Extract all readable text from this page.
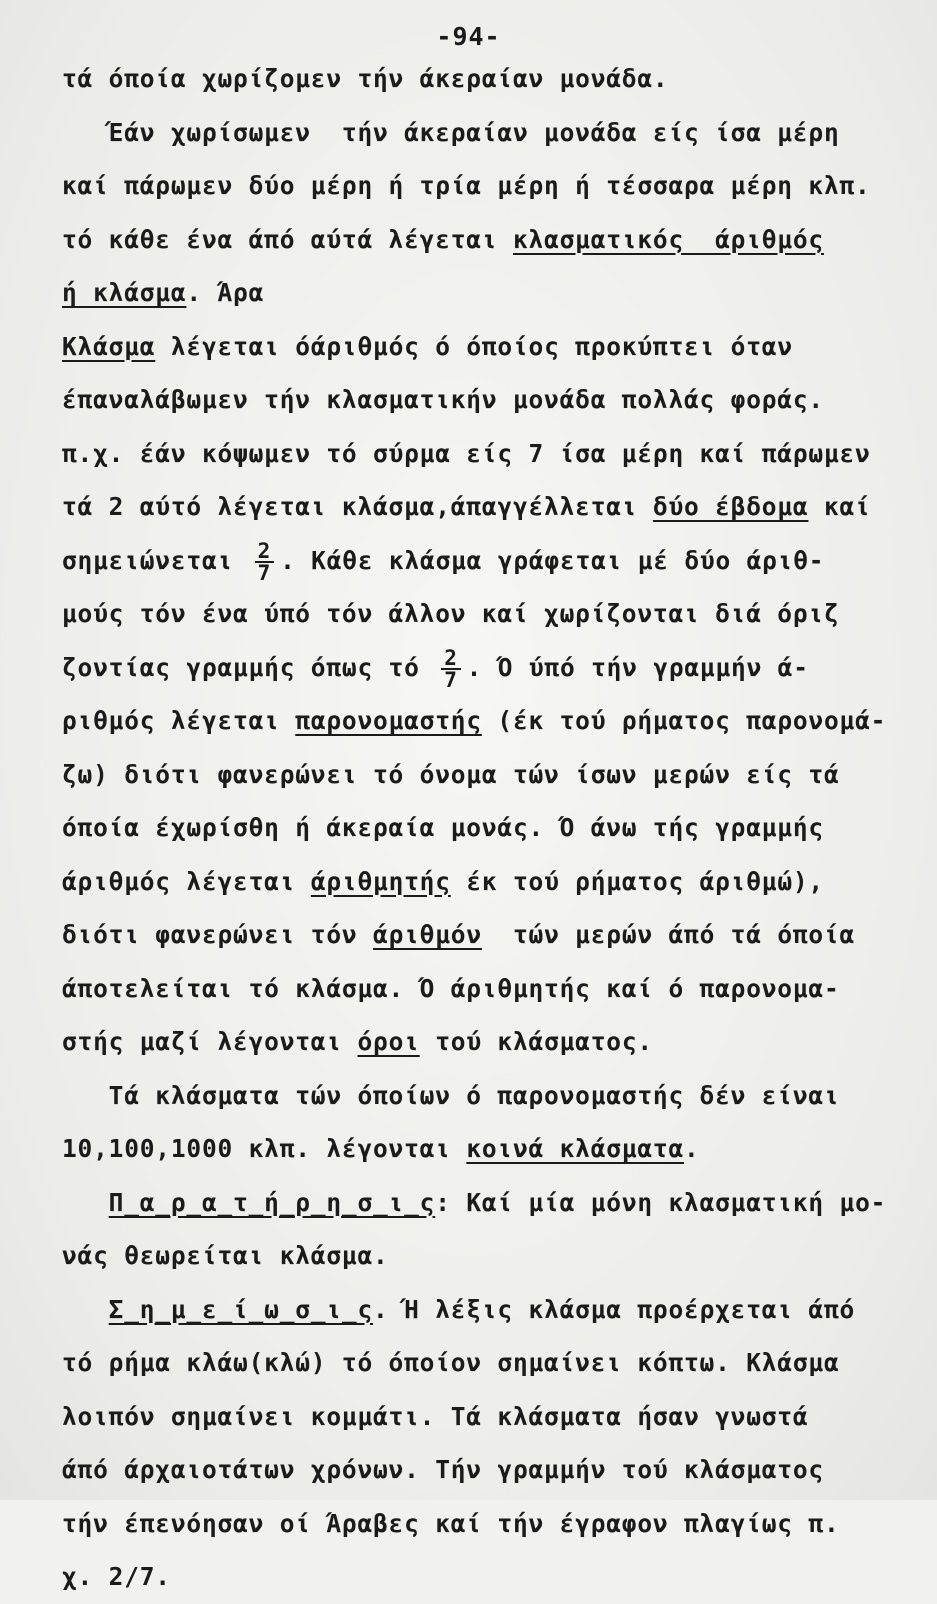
-94-
τά όποία χωρίζομεν τήν άκεραίαν μονάδα.
Έάν χωρίσωμεν  τήν άκεραίαν μονάδα είς ίσα μέρη
καί πάρωμεν δύο μέρη ή τρία μέρη ή τέσσαρα μέρη κλπ.
τό κάθε ένα άπό αύτά λέγεται κλασματικός  άριθμός
ή κλάσμα. Άρα
Κλάσμα λέγεται όάριθμός ό όποίος προκύπτει όταν
έπαναλάβωμεν τήν κλασματικήν μονάδα πολλάς φοράς.
π.χ. έάν κόψωμεν τό σύρμα είς 7 ίσα μέρη καί πάρωμεν
τά 2 αύτό λέγεται κλάσμα,άπαγγέλλεται δύο έβδομα καί
σημειώνεται $\frac{2}{7}$ . Κάθε κλάσμα γράφεται μέ δύο άριθ-
μούς τόν ένα ύπό τόν άλλον καί χωρίζονται διά όριζ
ζοντίας γραμμής όπως τό $\frac{2}{7}$ . Ό ύπό τήν γραμμήν ά-
ριθμός λέγεται παρονομαστής (έκ τού ρήματος παρονομά-
ζω) διότι φανερώνει τό όνομα τών ίσων μερών είς τά
όποία έχωρίσθη ή άκεραία μονάς. Ό άνω τής γραμμής
άριθμός λέγεται άριθμητής έκ τού ρήματος άριθμώ),
διότι φανερώνει τόν άριθμόν  τών μερών άπό τά όποία
άποτελείται τό κλάσμα. Ό άριθμητής καί ό παρονομα-
στής μαζί λέγονται όροι τού κλάσματος.
Τά κλάσματα τών όποίων ό παρονομαστής δέν είναι
10,100,1000 κλπ. λέγονται κοινά κλάσματα.
Π_α_ρ_α_τ_ή_ρ_η_σ_ι_ς: Καί μία μόνη κλασματική μο-
νάς θεωρείται κλάσμα.
Σ_η_μ_ε_ί_ω_σ_ι_ς. Ή λέξις κλάσμα προέρχεται άπό
τό ρήμα κλάω(κλώ) τό όποίον σημαίνει κόπτω. Κλάσμα
λοιπόν σημαίνει κομμάτι. Τά κλάσματα ήσαν γνωστά
άπό άρχαιοτάτων χρόνων. Τήν γραμμήν τού κλάσματος
τήν έπενόησαν οί Άραβες καί τήν έγραφον πλαγίως π.
χ. 2/7.
